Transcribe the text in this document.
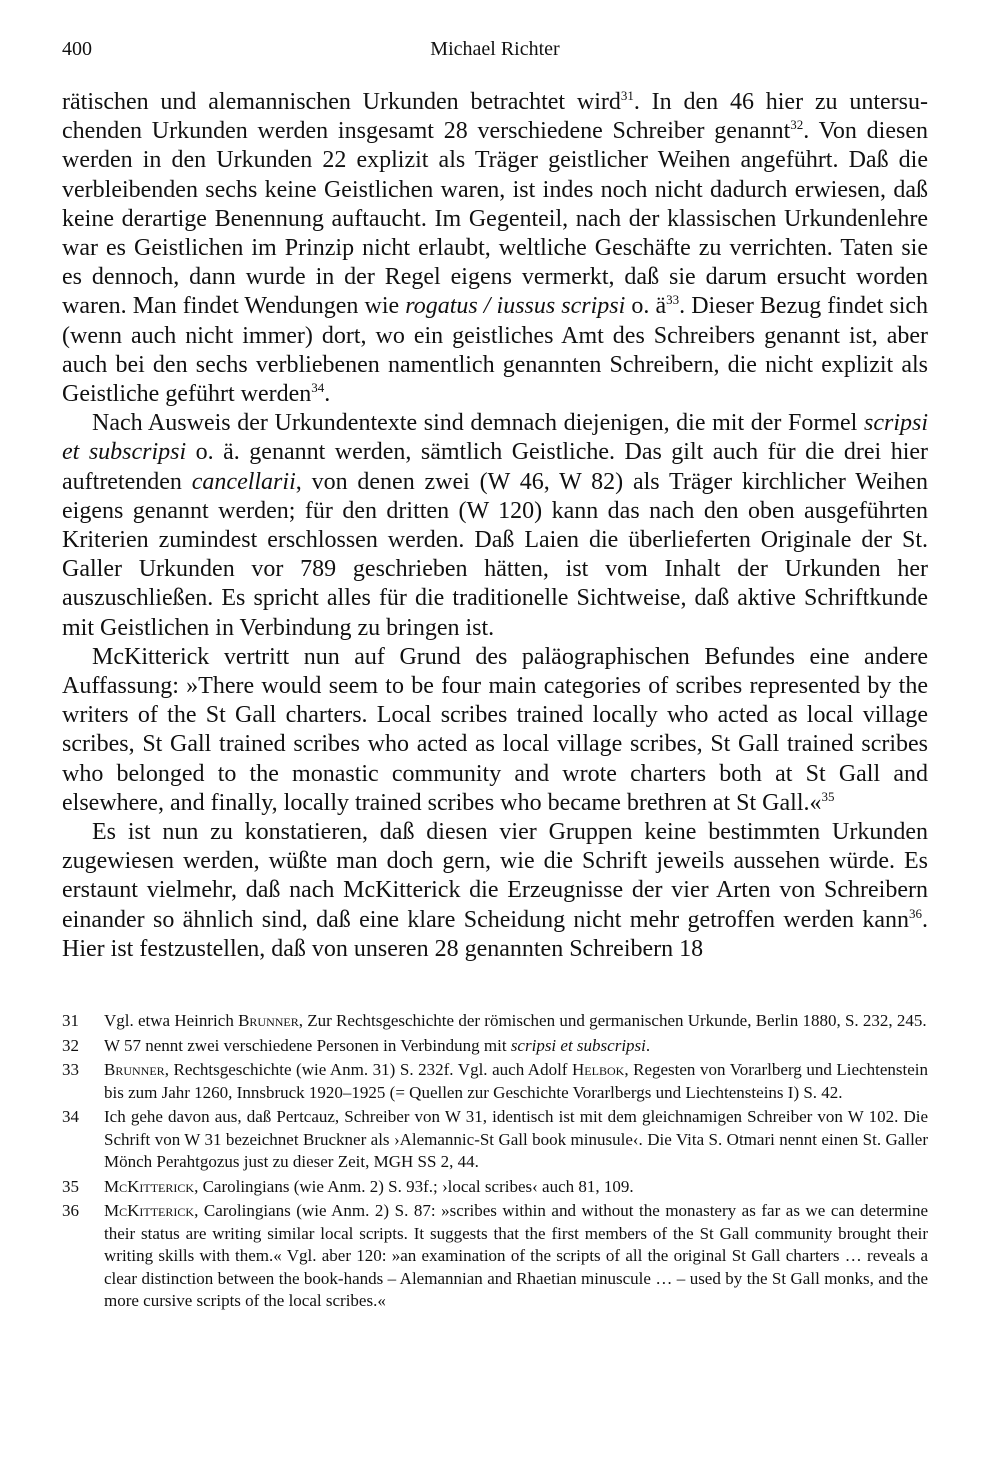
400	Michael Richter

rätischen und alemannischen Urkunden betrachtet wird$^{31}$. In den 46 hier zu untersuchenden Urkunden werden insgesamt 28 verschiedene Schreiber genannt$^{32}$. Von diesen werden in den Urkunden 22 explizit als Träger geistlicher Weihen angeführt. Daß die verbleibenden sechs keine Geistlichen waren, ist indes noch nicht dadurch erwiesen, daß keine derartige Benennung auftaucht. Im Gegenteil, nach der klassischen Urkundenlehre war es Geistlichen im Prinzip nicht erlaubt, weltliche Geschäfte zu verrichten. Taten sie es dennoch, dann wurde in der Regel eigens vermerkt, daß sie darum ersucht worden waren. Man findet Wendungen wie rogatus / iussus scripsi o. $ä^{33}$. Dieser Bezug findet sich (wenn auch nicht immer) dort, wo ein geistliches Amt des Schreibers genannt ist, aber auch bei den sechs verbliebenen namentlich genannten Schreibern, die nicht explizit als Geistliche geführt werden$^{34}$.

Nach Ausweis der Urkundentexte sind demnach diejenigen, die mit der Formel scripsi et subscripsi o. ä. genannt werden, sämtlich Geistliche. Das gilt auch für die drei hier auftretenden cancellarii, von denen zwei (W 46, W 82) als Träger kirchlicher Weihen eigens genannt werden; für den dritten (W 120) kann das nach den oben ausgeführten Kriterien zumindest erschlossen werden. Daß Laien die überlieferten Originale der St. Galler Urkunden vor 789 geschrieben hätten, ist vom Inhalt der Urkunden her auszuschließen. Es spricht alles für die traditionelle Sichtweise, daß aktive Schriftkunde mit Geistlichen in Verbindung zu bringen ist.

McKitterick vertritt nun auf Grund des paläographischen Befundes eine andere Auffassung: »There would seem to be four main categories of scribes represented by the writers of the St Gall charters. Local scribes trained locally who acted as local village scribes, St Gall trained scribes who acted as local village scribes, St Gall trained scribes who belonged to the monastic community and wrote charters both at St Gall and elsewhere, and finally, locally trained scribes who became brethren at St Gall.«$^{35}$

Es ist nun zu konstatieren, daß diesen vier Gruppen keine bestimmten Urkunden zugewiesen werden, wüßte man doch gern, wie die Schrift jeweils aussehen würde. Es erstaunt vielmehr, daß nach McKitterick die Erzeugnisse der vier Arten von Schreibern einander so ähnlich sind, daß eine klare Scheidung nicht mehr getroffen werden kann$^{36}$. Hier ist festzustellen, daß von unseren 28 genannten Schreibern 18

31 Vgl. etwa Heinrich Brunner, Zur Rechtsgeschichte der römischen und germanischen Urkunde, Berlin 1880, S. 232, 245.

32 W 57 nennt zwei verschiedene Personen in Verbindung mit scripsi et subscripsi.

33 Brunner, Rechtsgeschichte (wie Anm. 31) S. 232f. Vgl. auch Adolf Helbok, Regesten von Vorarlberg und Liechtenstein bis zum Jahr 1260, Innsbruck 1920–1925 (= Quellen zur Geschichte Vorarlbergs und Liechtensteins I) S. 42.

34 Ich gehe davon aus, daß Pertcauz, Schreiber von W 31, identisch ist mit dem gleichnamigen Schreiber von W 102. Die Schrift von W 31 bezeichnet Bruckner als ›Alemannic-St Gall book minusule‹. Die Vita S. Otmari nennt einen St. Galler Mönch Perahtgozus just zu dieser Zeit, MGH SS 2, 44.

35 McKitterick, Carolingians (wie Anm. 2) S. 93f.; ›local scribes‹ auch 81, 109.

36 McKitterick, Carolingians (wie Anm. 2) S. 87: »scribes within and without the monastery as far as we can determine their status are writing similar local scripts. It suggests that the first members of the St Gall community brought their writing skills with them.« Vgl. aber 120: »an examination of the scripts of all the original St Gall charters … reveals a clear distinction between the book-hands – Alemannian and Rhaetian minuscule … – used by the St Gall monks, and the more cursive scripts of the local scribes.«
